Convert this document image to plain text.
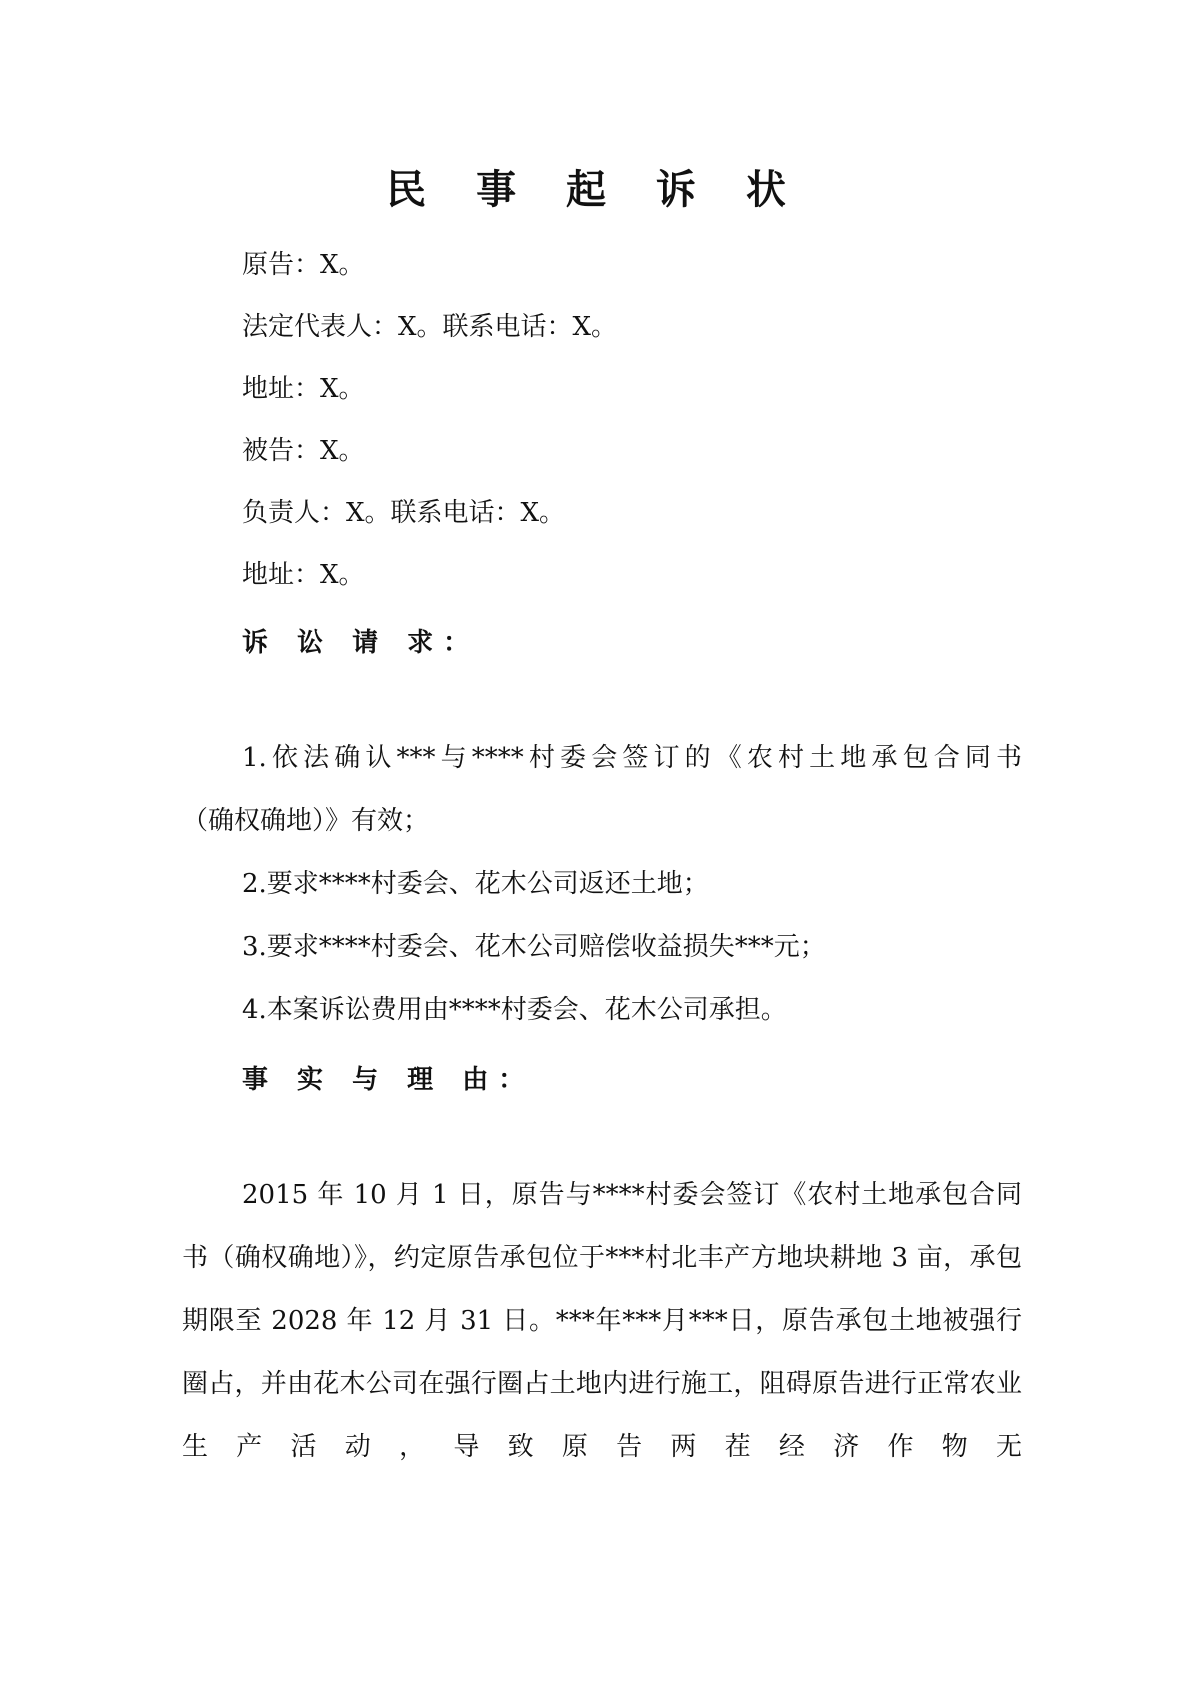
民 事 起 诉 状

原告：X。

法定代表人：X。联系电话：X。

地址：X。

被告：X。

负责人：X。联系电话：X。

地址：X。

诉 讼 请 求：

1.依法确认***与****村委会签订的《农村土地承包合同书

（确权确地）》有效；

2.要求****村委会、花木公司返还土地；

3.要求****村委会、花木公司赔偿收益损失***元；

4.本案诉讼费用由****村委会、花木公司承担。

事 实 与 理 由：

2015 年 10 月 1 日，原告与****村委会签订《农村土地承包合同书（确权确地）》，约定原告承包位于***村北丰产方地块耕地 3 亩，承包期限至 2028 年 12 月 31 日。***年***月***日，原告承包土地被强行圈占，并由花木公司在强行圈占土地内进行施工，阻碍原告进行正常农业生产活动，导致原告两茬经济作物无
